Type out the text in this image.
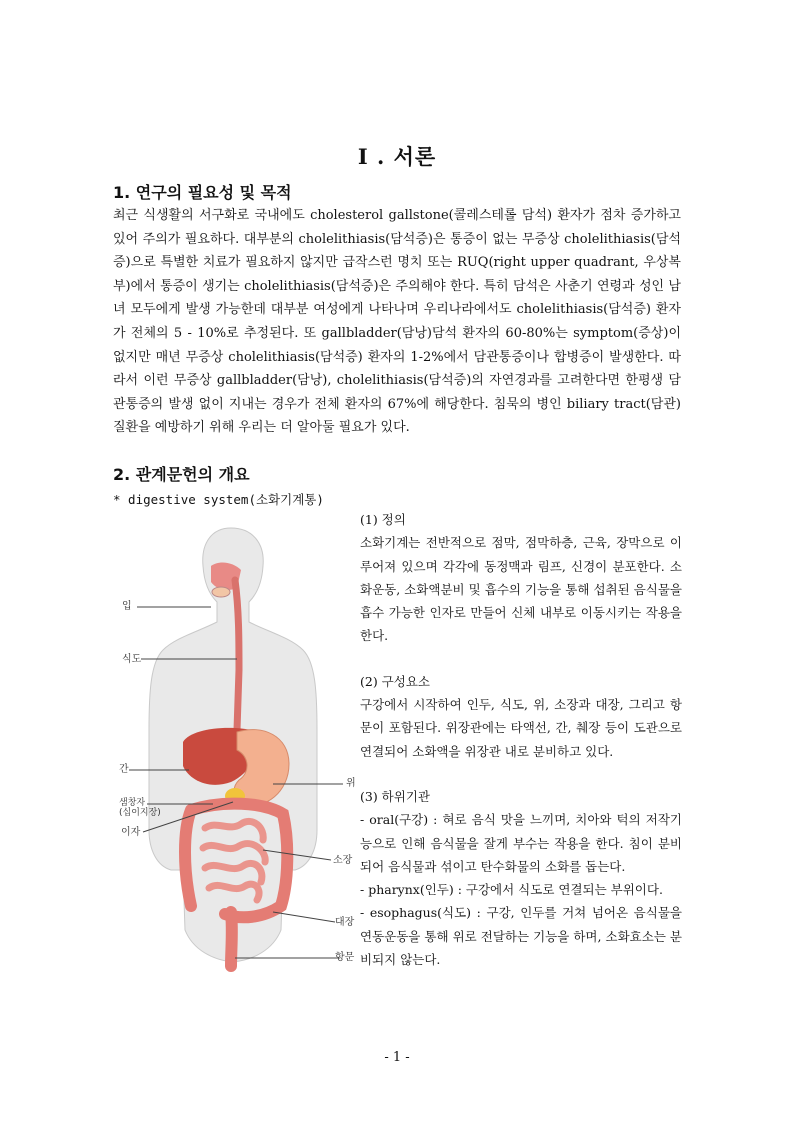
I . 서론
1. 연구의 필요성 및 목적
최근 식생활의 서구화로 국내에도 cholesterol gallstone(콜레스테롤 담석) 환자가 점차 증가하고 있어 주의가 필요하다. 대부분의 cholelithiasis(담석증)은 통증이 없는 무증상 cholelithiasis(담석증)으로 특별한 치료가 필요하지 않지만 급작스런 명치 또는 RUQ(right upper quadrant, 우상복부)에서 통증이 생기는 cholelithiasis(담석증)은 주의해야 한다. 특히 담석은 사춘기 연령과 성인 남녀 모두에게 발생 가능한데 대부분 여성에게 나타나며 우리나라에서도 cholelithiasis(담석증) 환자가 전체의 5 - 10%로 추정된다. 또 gallbladder(담낭)담석 환자의 60-80%는 symptom(증상)이 없지만 매년 무증상 cholelithiasis(담석증) 환자의 1-2%에서 담관통증이나 합병증이 발생한다. 따라서 이런 무증상 gallbladder(담낭), cholelithiasis(담석증)의 자연경과를 고려한다면 한평생 담관통증의 발생 없이 지내는 경우가 전체 환자의 67%에 해당한다. 침묵의 병인 biliary tract(담관)질환을 예방하기 위해 우리는 더 알아둘 필요가 있다.
2. 관계문헌의 개요
* digestive system(소화기계통)
입
식도
간
샘창자
(십이지장)
이자
위
소장
대장
항문

(1) 정의

소화기계는 전반적으로 점막, 점막하층, 근육, 장막으로 이루어져 있으며 각각에 동정맥과 림프, 신경이 분포한다. 소화운동, 소화액분비 및 흡수의 기능을 통해 섭취된 음식물을 흡수 가능한 인자로 만들어 신체 내부로 이동시키는 작용을 한다.

(2) 구성요소

구강에서 시작하여 인두, 식도, 위, 소장과 대장, 그리고 항문이 포함된다. 위장관에는 타액선, 간, 췌장 등이 도관으로 연결되어 소화액을 위장관 내로 분비하고 있다.

(3) 하위기관

- oral(구강) : 혀로 음식 맛을 느끼며, 치아와 턱의 저작기능으로 인해 음식물을 잘게 부수는 작용을 한다. 침이 분비되어 음식물과 섞이고 탄수화물의 소화를 돕는다.

- pharynx(인두) : 구강에서 식도로 연결되는 부위이다.

- esophagus(식도) : 구강, 인두를 거쳐 넘어온 음식물을 연동운동을 통해 위로 전달하는 기능을 하며, 소화효소는 분비되지 않는다.

- 1 -
